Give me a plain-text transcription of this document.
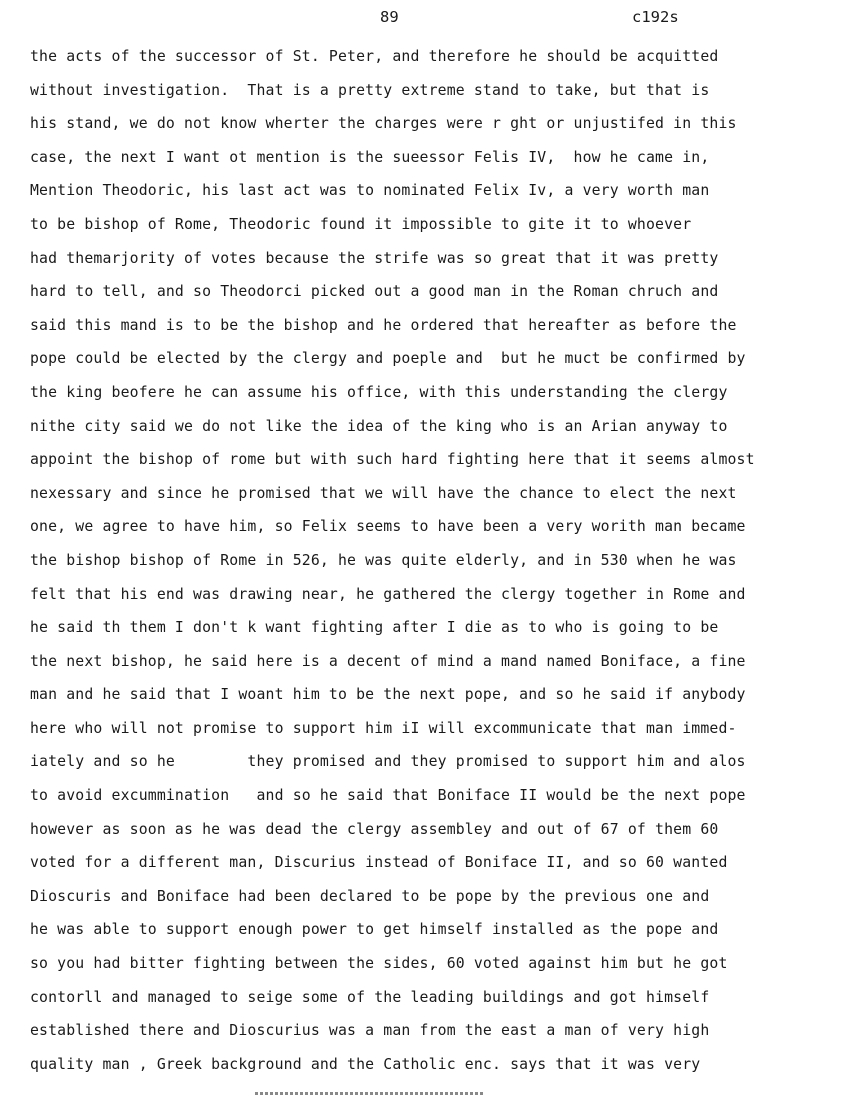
89	c192s
the acts of the successor of St. Peter, and therefore he should be acquitted
without investigation.  That is a pretty extreme stand to take, but that is
his stand, we do not know wherter the charges were r ght or unjustifed in this
case, the next I want ot mention is the sueessor Felis IV,  how he came in,
Mention Theodoric, his last act was to nominated Felix Iv, a very worth man
to be bishop of Rome, Theodoric found it impossible to gite it to whoever
had themarjority of votes because the strife was so great that it was pretty
hard to tell, and so Theodorci picked out a good man in the Roman chruch and
said this mand is to be the bishop and he ordered that hereafter as before the
pope could be elected by the clergy and poeple and  but he muct be confirmed by
the king beofere he can assume his office, with this understanding the clergy
nithe city said we do not like the idea of the king who is an Arian anyway to
appoint the bishop of rome but with such hard fighting here that it seems almost
nexessary and since he promised that we will have the chance to elect the next
one, we agree to have him, so Felix seems to have been a very worith man became
the bishop bishop of Rome in 526, he was quite elderly, and in 530 when he was
felt that his end was drawing near, he gathered the clergy together in Rome and
he said th them I don't k want fighting after I die as to who is going to be
the next bishop, he said here is a decent of mind a mand named Boniface, a fine
man and he said that I woant him to be the next pope, and so he said if anybody
here who will not promise to support him iI will excommunicate that man immed-
iately and so he        they promised and they promised to support him and alos
to avoid excummination   and so he said that Boniface II would be the next pope
however as soon as he was dead the clergy assembley and out of 67 of them 60
voted for a different man, Discurius instead of Boniface II, and so 60 wanted
Dioscuris and Boniface had been declared to be pope by the previous one and
he was able to support enough power to get himself installed as the pope and
so you had bitter fighting between the sides, 60 voted against him but he got
contorll and managed to seige some of the leading buildings and got himself
established there and Dioscurius was a man from the east a man of very high
quality man , Greek background and the Catholic enc. says that it was very
